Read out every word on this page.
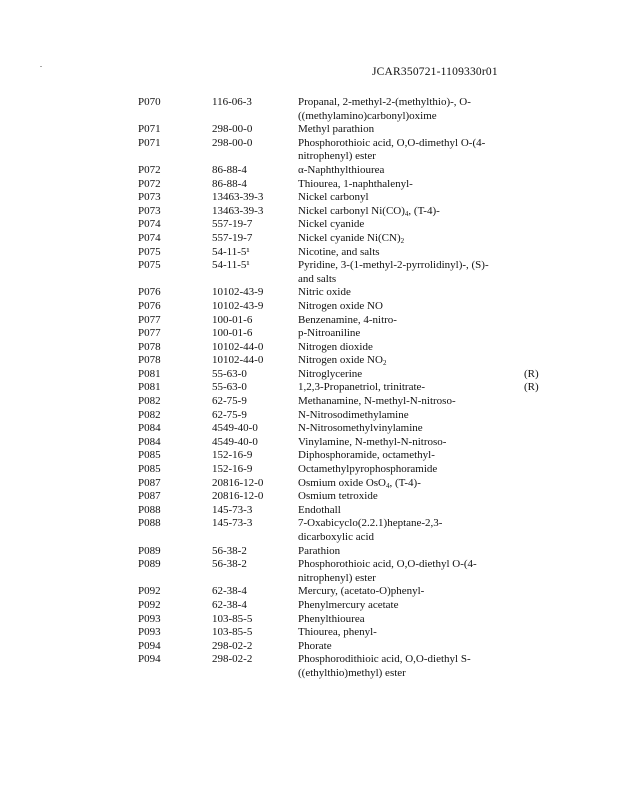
.
JCAR350721-1109330r01
P070	116-06-3	Propanal, 2-methyl-2-(methylthio)-, O-
((methylamino)carbonyl)oxime
P071	298-00-0	Methyl parathion
P071	298-00-0	Phosphorothioic acid, O,O-dimethyl O-(4-
nitrophenyl) ester
P072	86-88-4	α-Naphthylthiourea
P072	86-88-4	Thiourea, 1-naphthalenyl-
P073	13463-39-3	Nickel carbonyl
P073	13463-39-3	Nickel carbonyl $Ni(CO)_4$, (T-4)-
P074	557-19-7	Nickel cyanide
P074	557-19-7	Nickel cyanide $Ni(CN)_2$
P075	54-11-5¹	Nicotine, and salts
P075	54-11-5¹	Pyridine, 3-(1-methyl-2-pyrrolidinyl)-, (S)-
and salts
P076	10102-43-9	Nitric oxide
P076	10102-43-9	Nitrogen oxide NO
P077	100-01-6	Benzenamine, 4-nitro-
P077	100-01-6	p-Nitroaniline
P078	10102-44-0	Nitrogen dioxide
P078	10102-44-0	Nitrogen oxide $NO_2$
P081	55-63-0	Nitroglycerine	(R)
P081	55-63-0	1,2,3-Propanetriol, trinitrate-	(R)
P082	62-75-9	Methanamine, N-methyl-N-nitroso-
P082	62-75-9	N-Nitrosodimethylamine
P084	4549-40-0	N-Nitrosomethylvinylamine
P084	4549-40-0	Vinylamine, N-methyl-N-nitroso-
P085	152-16-9	Diphosphoramide, octamethyl-
P085	152-16-9	Octamethylpyrophosphoramide
P087	20816-12-0	Osmium oxide OsO$_4$, (T-4)-
P087	20816-12-0	Osmium tetroxide
P088	145-73-3	Endothall
P088	145-73-3	7-Oxabicyclo(2.2.1)heptane-2,3-
dicarboxylic acid
P089	56-38-2	Parathion
P089	56-38-2	Phosphorothioic acid, O,O-diethyl O-(4-
nitrophenyl) ester
P092	62-38-4	Mercury, (acetato-O)phenyl-
P092	62-38-4	Phenylmercury acetate
P093	103-85-5	Phenylthiourea
P093	103-85-5	Thiourea, phenyl-
P094	298-02-2	Phorate
P094	298-02-2	Phosphorodithioic acid, O,O-diethyl S-
((ethylthio)methyl) ester
